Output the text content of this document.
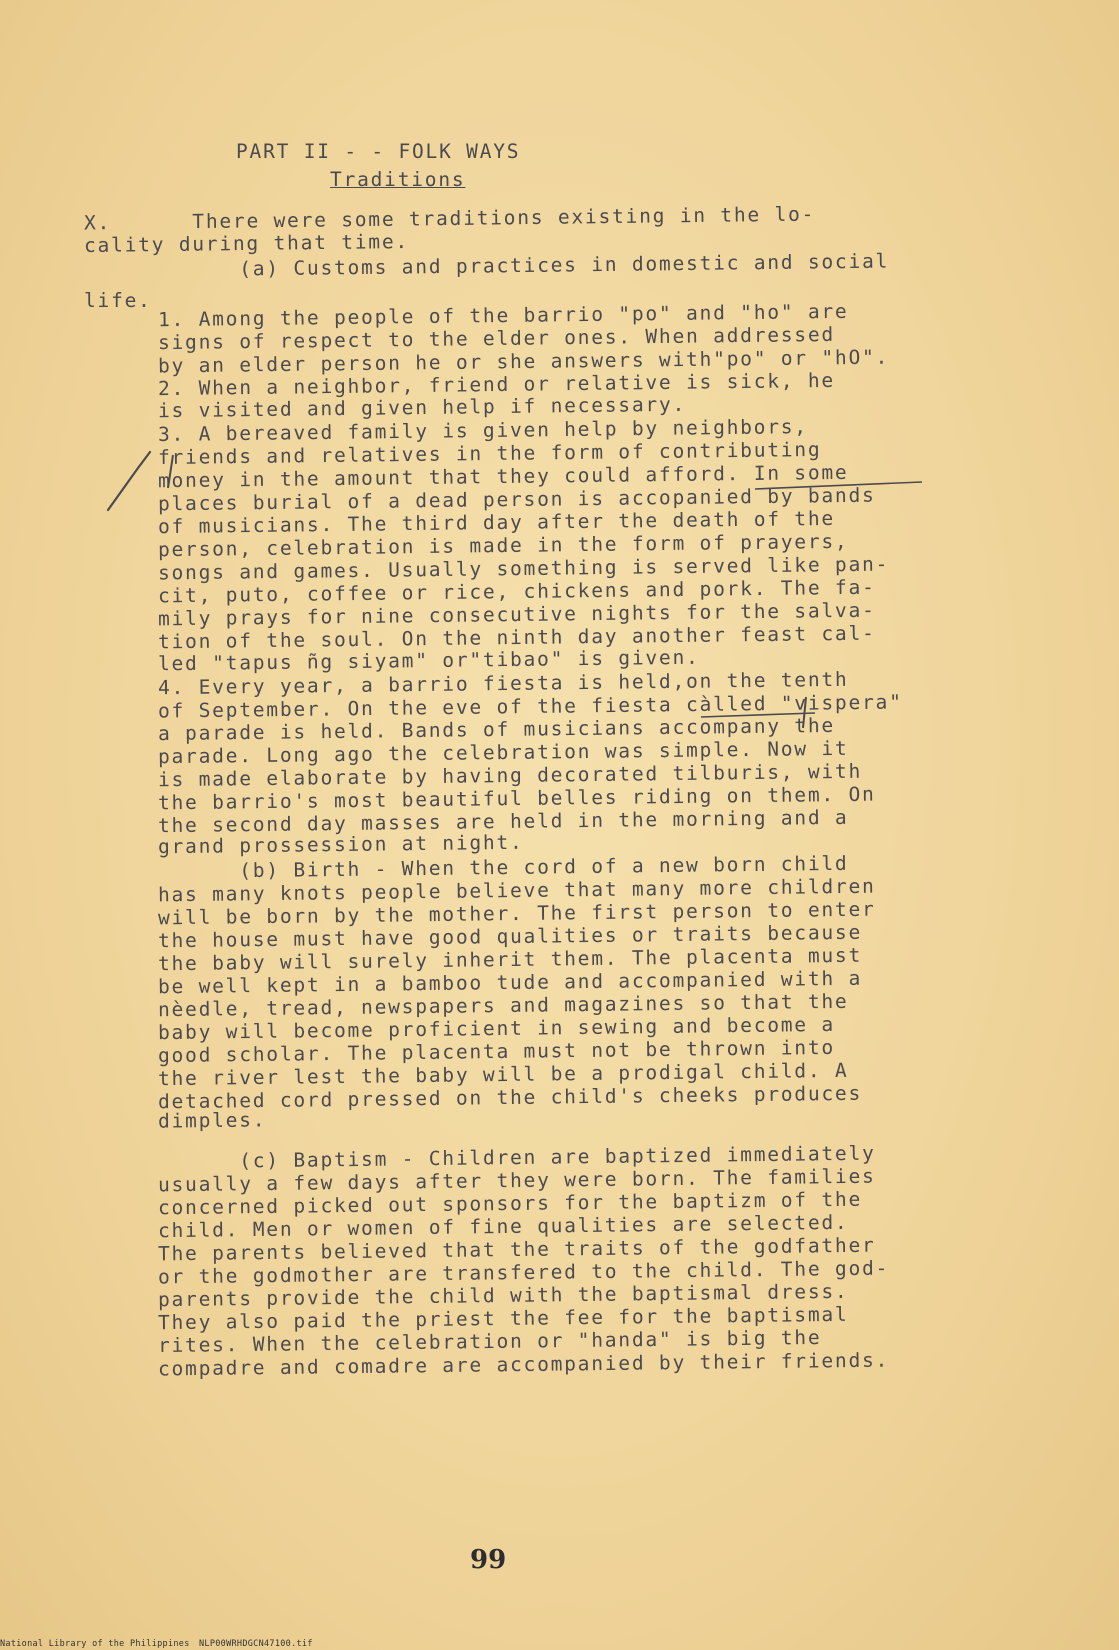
PART II - - FOLK WAYS
Traditions
X.      There were some traditions existing in the lo-
cality during that time.
(a) Customs and practices in domestic and social
life. 1. Among the people of the barrio "po" and "ho" are
signs of respect to the elder ones. When addressed
by an elder person he or she answers with"po" or "hO".
2. When a neighbor, friend or relative is sick, he
is visited and given help if necessary.
3. A bereaved family is given help by neighbors,
friends and relatives in the form of contributing
money in the amount that they could afford. In some
places burial of a dead person is accopanied by bands
of musicians. The third day after the death of the
person, celebration is made in the form of prayers,
songs and games. Usually something is served like pan-
cit, puto, coffee or rice, chickens and pork. The fa-
mily prays for nine consecutive nights for the salva-
tion of the soul. On the ninth day another feast cal-
led "tapus ñg siyam" or"tibao" is given.
4. Every year, a barrio fiesta is held,on the tenth
of September. On the eve of the fiesta càlled "vispera"
a parade is held. Bands of musicians accompany the
parade. Long ago the celebration was simple. Now it
is made elaborate by having decorated tilburis, with
the barrio's most beautiful belles riding on them. On
the second day masses are held in the morning and a
grand prossession at night.
(b) Birth - When the cord of a new born child
has many knots people believe that many more children
will be born by the mother. The first person to enter
the house must have good qualities or traits because
the baby will surely inherit them. The placenta must
be well kept in a bamboo tude and accompanied with a
nèedle, tread, newspapers and magazines so that the
baby will become proficient in sewing and become a
good scholar. The placenta must not be thrown into
the river lest the baby will be a prodigal child. A
detached cord pressed on the child's cheeks produces
dimples.
(c) Baptism - Children are baptized immediately
usually a few days after they were born. The families
concerned picked out sponsors for the baptizm of the
child. Men or women of fine qualities are selected.
The parents believed that the traits of the godfather
or the godmother are transfered to the child. The god-
parents provide the child with the baptismal dress.
They also paid the priest the fee for the baptismal
rites. When the celebration or "handa" is big the
compadre and comadre are accompanied by their friends.
99
National Library of the Philippines NLP00WRHDGCN47100.tif
